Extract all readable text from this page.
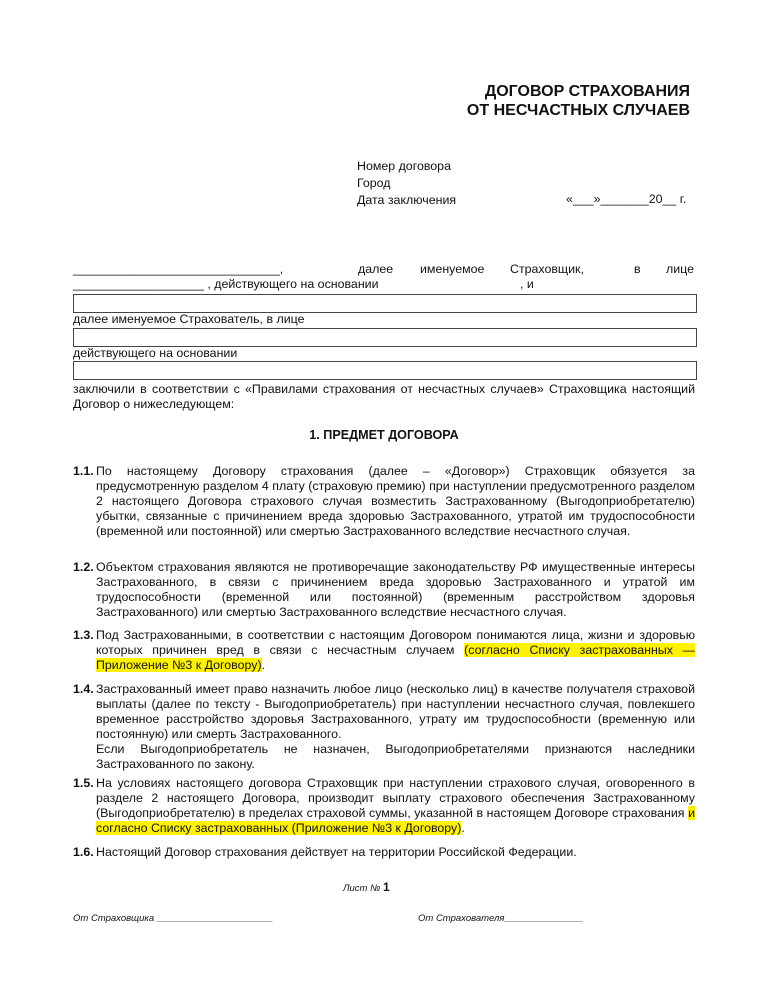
ДОГОВОР СТРАХОВАНИЯ
ОТ НЕСЧАСТНЫХ СЛУЧАЕВ
Номер договора
Город
Дата заключения	«___»_______20__ г.
______________________________,	далее именуемое Страховщик,	в лице
___________________ , действующего на основании	, и
далее именуемое Страхователь, в лице
действующего на основании
заключили в соответствии с «Правилами страхования от несчастных случаев» Страховщика настоящий Договор о нижеследующем:
1. ПРЕДМЕТ ДОГОВОРА
1.1. По настоящему Договору страхования (далее – «Договор») Страховщик обязуется за предусмотренную разделом 4 плату (страховую премию) при наступлении предусмотренного разделом 2 настоящего Договора страхового случая возместить Застрахованному (Выгодоприобретателю) убытки, связанные с причинением вреда здоровью Застрахованного, утратой им трудоспособности (временной или постоянной) или смертью Застрахованного вследствие несчастного случая.
1.2. Объектом страхования являются не противоречащие законодательству РФ имущественные интересы Застрахованного, в связи с причинением вреда здоровью Застрахованного и утратой им трудоспособности (временной или постоянной) (временным расстройством здоровья Застрахованного) или смертью Застрахованного вследствие несчастного случая.
1.3. Под Застрахованными, в соответствии с настоящим Договором понимаются лица, жизни и здоровью которых причинен вред в связи с несчастным случаем (согласно Списку застрахованных — Приложение №3 к Договору).
1.4. Застрахованный имеет право назначить любое лицо (несколько лиц) в качестве получателя страховой выплаты (далее по тексту - Выгодоприобретатель) при наступлении несчастного случая, повлекшего временное расстройство здоровья Застрахованного, утрату им трудоспособности (временную или постоянную) или смерть Застрахованного.
Если Выгодоприобретатель не назначен, Выгодоприобретателями признаются наследники Застрахованного по закону.
1.5. На условиях настоящего договора Страховщик при наступлении страхового случая, оговоренного в разделе 2 настоящего Договора, производит выплату страхового обеспечения Застрахованному (Выгодоприобретателю) в пределах страховой суммы, указанной в настоящем Договоре страхования и согласно Списку застрахованных (Приложение №3 к Договору).
1.6. Настоящий Договор страхования действует на территории Российской Федерации.
Лист № 1
От Страховщика ______________________	От Страхователя_______________
